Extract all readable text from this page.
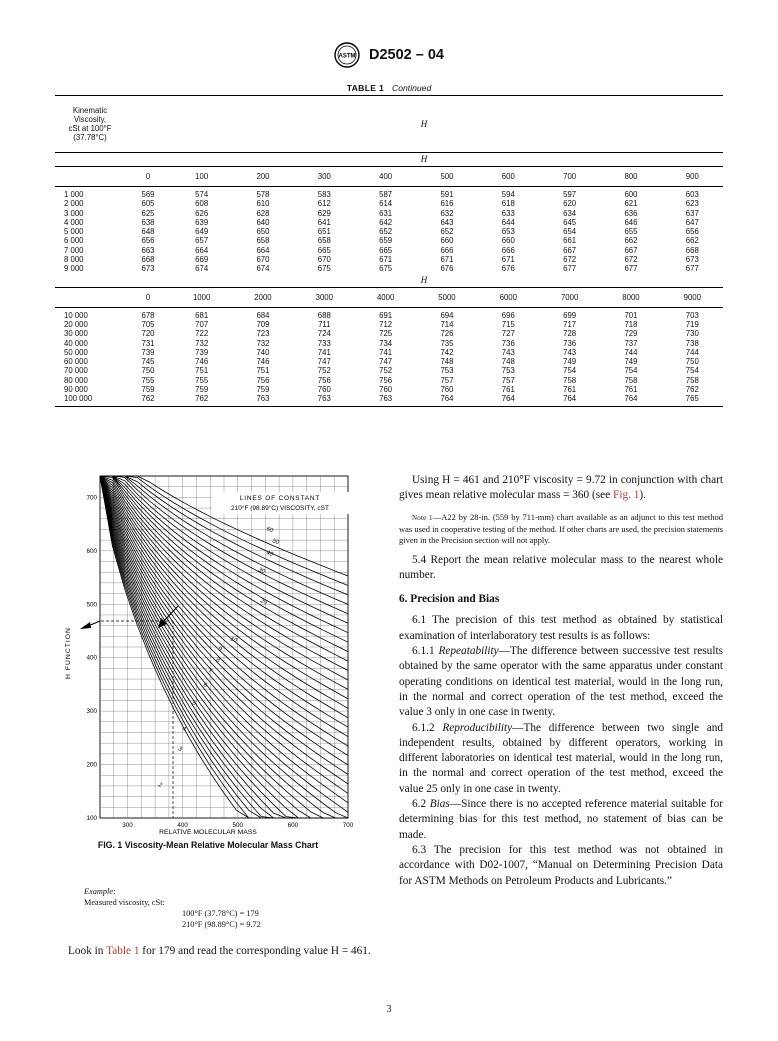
ASTM D2502 – 04
TABLE 1 Continued
Kinematic
Viscosity,
cSt at 100°F
(37.78°C)	H									
	H									
	0	100	200	300	400	500	600	700	800	900
1 000	569	574	578	583	587	591	594	597	600	603
2 000	605	608	610	612	614	616	618	620	621	623
3 000	625	626	628	629	631	632	633	634	636	637
4 000	638	639	640	641	642	643	644	645	646	647
5 000	648	649	650	651	652	652	653	654	655	656
6 000	656	657	658	658	659	660	660	661	662	662
7 000	663	664	664	665	665	666	666	667	667	668
8 000	668	669	670	670	671	671	671	672	672	673
9 000	673	674	674	675	675	676	676	677	677	677
	H									
	0	1000	2000	3000	4000	5000	6000	7000	8000	9000
10 000	678	681	684	688	691	694	696	699	701	703
20 000	705	707	709	711	712	714	715	717	718	719
30 000	720	722	723	724	725	726	727	728	729	730
40 000	731	732	732	733	734	735	736	736	737	738
50 000	739	739	740	741	741	742	743	743	744	744
60 000	745	746	746	747	747	748	748	749	749	750
70 000	750	751	751	752	752	753	753	754	754	754
80 000	755	755	756	756	756	757	757	758	758	758
90 000	759	759	759	760	760	760	761	761	761	762
100 000	762	762	763	763	763	764	764	764	764	765
60
50
40
30
20
10
9
8
7
6
5
4
3
2
300	400	500	600	700
100
200
300
400
500
600
700	LINES OF CONSTANT
210°F (98.89°C) VISCOSITY, cST
H FUNCTION
RELATIVE MOLECULAR MASS
FIG. 1 Viscosity-Mean Relative Molecular Mass Chart
Example:
Measured viscosity, cSt:
100°F (37.78°C) = 179
210°F (98.89°C) = 9.72
Look in Table 1 for 179 and read the corresponding value H = 461.

Using H = 461 and 210°F viscosity = 9.72 in conjunction with chart gives mean relative molecular mass = 360 (see Fig. 1).

Note 1—A22 by 28-in. (559 by 711-mm) chart available as an adjunct to this test method was used in cooperative testing of the method. If other charts are used, the precision statements given in the Precision section will not apply.

5.4 Report the mean relative molecular mass to the nearest whole number.

6. Precision and Bias

6.1 The precision of this test method as obtained by statistical examination of interlaboratory test results is as follows:

6.1.1 Repeatability—The difference between successive test results obtained by the same operator with the same apparatus under constant operating conditions on identical test material, would in the long run, in the normal and correct operation of the test method, exceed the value 3 only in one case in twenty.

6.1.2 Reproducibility—The difference between two single and independent results, obtained by different operators, working in different laboratories on identical test material, would in the long run, in the normal and correct operation of the test method, exceed the value 25 only in one case in twenty.

6.2 Bias—Since there is no accepted reference material suitable for determining bias for this test method, no statement of bias can be made.

6.3 The precision for this test method was not obtained in accordance with D02-1007, “Manual on Determining Precision Data for ASTM Methods on Petroleum Products and Lubricants.”

3
